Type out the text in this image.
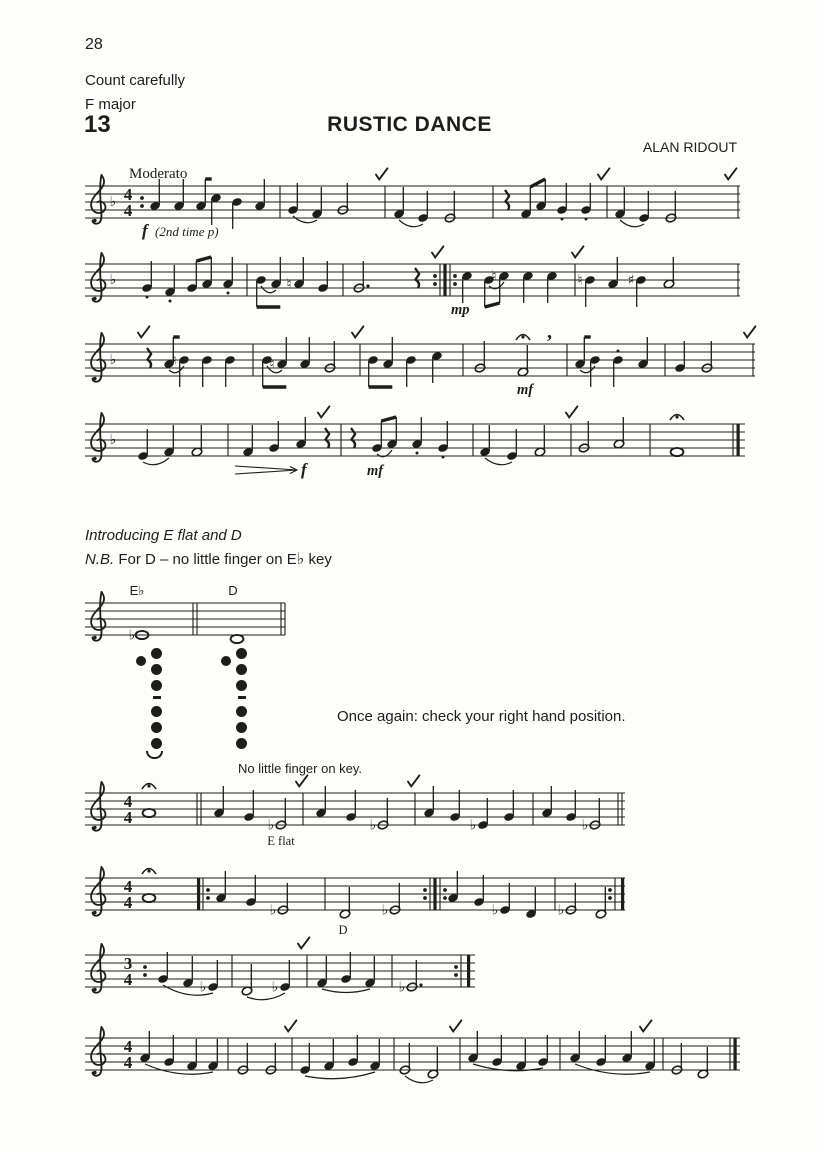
28
Count carefully
F major
13	RUSTIC DANCE
ALAN RIDOUT
Introducing E flat and D
N.B. For D – no little finger on E♭ key
Once again: check your right hand position.
No little finger on key.
♭ 4
4
Moderato
f (2nd time p)
♭	♮	♮	♮	♯
mp
♭	♮	♮
mf
,
♭
f	mf
♭
E♭	D
4
4	♭	♭	♭	♭
E flat
4
4	♭	♭	♭	♭
D
3
4	♭	♭	♭
4
4
